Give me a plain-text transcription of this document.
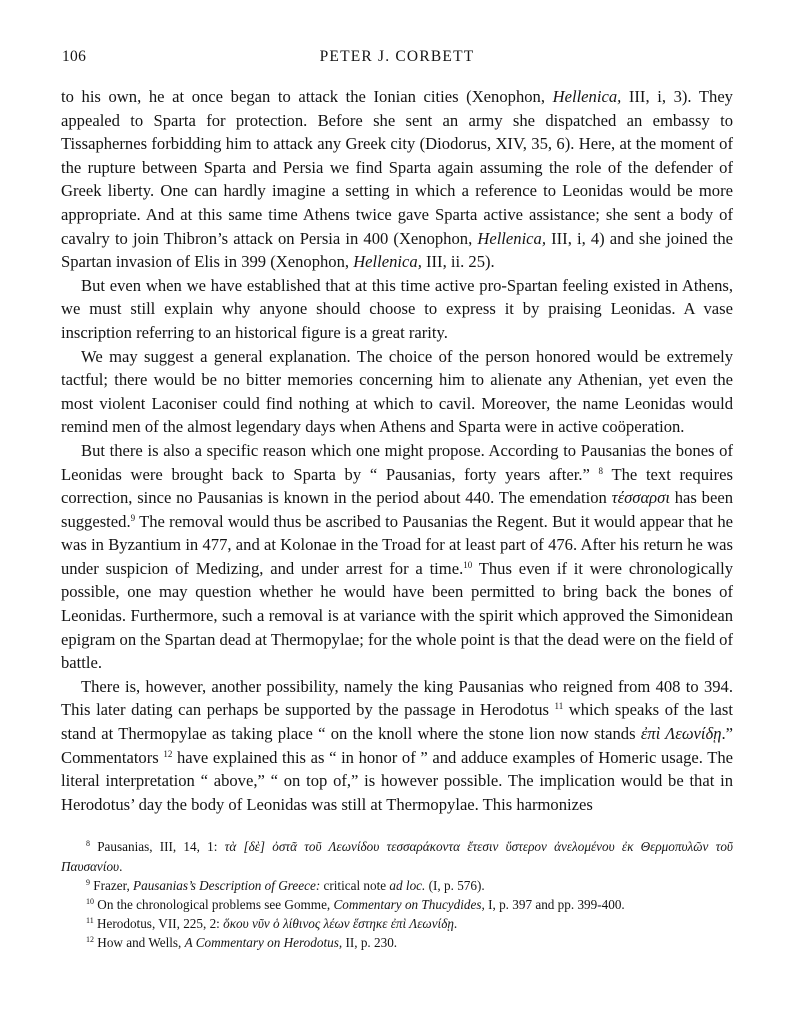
106	PETER J. CORBETT

to his own, he at once began to attack the Ionian cities (Xenophon, Hellenica, III, i, 3). They appealed to Sparta for protection. Before she sent an army she dispatched an embassy to Tissaphernes forbidding him to attack any Greek city (Diodorus, XIV, 35, 6). Here, at the moment of the rupture between Sparta and Persia we find Sparta again assuming the role of the defender of Greek liberty. One can hardly imagine a setting in which a reference to Leonidas would be more appropriate. And at this same time Athens twice gave Sparta active assistance; she sent a body of cavalry to join Thibron’s attack on Persia in 400 (Xenophon, Hellenica, III, i, 4) and she joined the Spartan invasion of Elis in 399 (Xenophon, Hellenica, III, ii. 25).

But even when we have established that at this time active pro-Spartan feeling existed in Athens, we must still explain why anyone should choose to express it by praising Leonidas. A vase inscription referring to an historical figure is a great rarity.

We may suggest a general explanation. The choice of the person honored would be extremely tactful; there would be no bitter memories concerning him to alienate any Athenian, yet even the most violent Laconiser could find nothing at which to cavil. Moreover, the name Leonidas would remind men of the almost legendary days when Athens and Sparta were in active coöperation.

But there is also a specific reason which one might propose. According to Pausanias the bones of Leonidas were brought back to Sparta by “ Pausanias, forty years after.” $^8$ The text requires correction, since no Pausanias is known in the period about 440. The emendation τέσσαρσι has been suggested.$^9$ The removal would thus be ascribed to Pausanias the Regent. But it would appear that he was in Byzantium in 477, and at Kolonae in the Troad for at least part of 476. After his return he was under suspicion of Medizing, and under arrest for a time.$^{10}$ Thus even if it were chronologically possible, one may question whether he would have been permitted to bring back the bones of Leonidas. Furthermore, such a removal is at variance with the spirit which approved the Simonidean epigram on the Spartan dead at Thermopylae; for the whole point is that the dead were on the field of battle.

There is, however, another possibility, namely the king Pausanias who reigned from 408 to 394. This later dating can perhaps be supported by the passage in Herodotus $^{11}$ which speaks of the last stand at Thermopylae as taking place “ on the knoll where the stone lion now stands ἐπὶ Λεωνίδῃ.” Commentators $^{12}$ have explained this as “ in honor of ” and adduce examples of Homeric usage. The literal interpretation “ above,” “ on top of,” is however possible. The implication would be that in Herodotus’ day the body of Leonidas was still at Thermopylae. This harmonizes

$^8$ Pausanias, III, 14, 1: τὰ [δὲ] ὀστᾶ τοῦ Λεωνίδου τεσσαράκοντα ἔτεσιν ὕστερον ἀνελομένου ἐκ Θερμοπυλῶν τοῦ Παυσανίου.

$^9$ Frazer, Pausanias’s Description of Greece: critical note ad loc. (I, p. 576).

$^{10}$ On the chronological problems see Gomme, Commentary on Thucydides, I, p. 397 and pp. 399-400.

$^{11}$ Herodotus, VII, 225, 2: ὅκου νῦν ὁ λίθινος λέων ἕστηκε ἐπὶ Λεωνίδῃ.

$^{12}$ How and Wells, A Commentary on Herodotus, II, p. 230.
